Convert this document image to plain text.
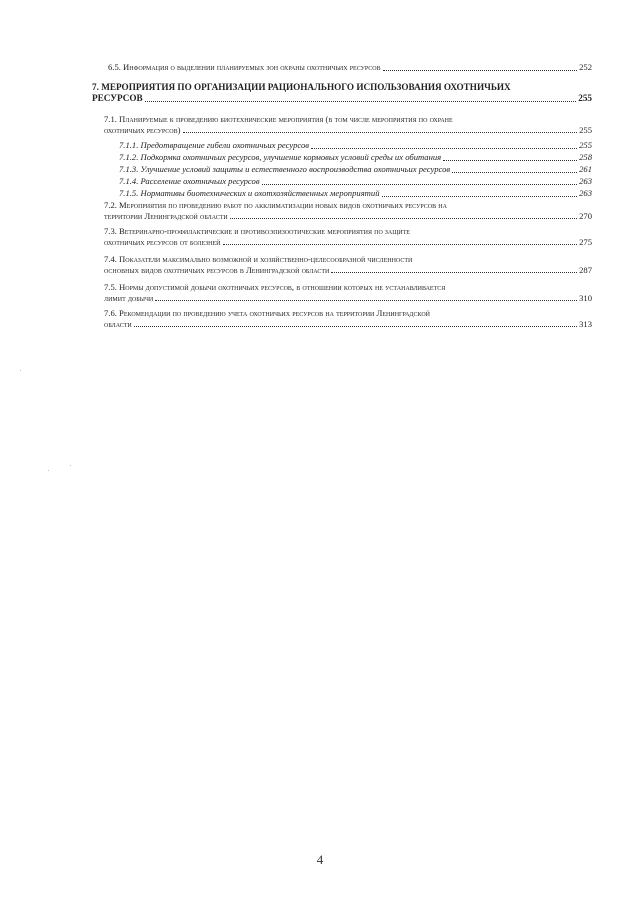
6.5. Информация о выделении планируемых зон охраны охотничьих ресурсов	252
7. МЕРОПРИЯТИЯ ПО ОРГАНИЗАЦИИ РАЦИОНАЛЬНОГО ИСПОЛЬЗОВАНИЯ ОХОТНИЧЬИХ
РЕСУРСОВ	255
7.1. Планируемые к проведению биотехнические мероприятия (в том числе мероприятия по охране
охотничьих ресурсов)	255
7.1.1. Предотвращение гибели охотничьих ресурсов	255
7.1.2. Подкормка охотничьих ресурсов, улучшение кормовых условий среды их обитания	258
7.1.3. Улучшение условий защиты и естественного воспроизводства охотничьих ресурсов	261
7.1.4. Расселение охотничьих ресурсов	263
7.1.5. Нормативы биотехнических и охотхозяйственных мероприятий	263
7.2. Мероприятия по проведению работ по акклиматизации новых видов охотничьих ресурсов на
территории Ленинградской области	270
7.3. Ветеринарно-профилактические и противоэпизоотические мероприятия по защите
охотничьих ресурсов от болезней	275
7.4. Показатели максимально возможной и хозяйственно-целесообразной численности
основных видов охотничьих ресурсов в Ленинградской области	287
7.5. Нормы допустимой добычи охотничьих ресурсов, в отношении которых не устанавливается
лимит добычи	310
7.6. Рекомендации по проведению учета охотничьих ресурсов на территории Ленинградской
области	313
4
